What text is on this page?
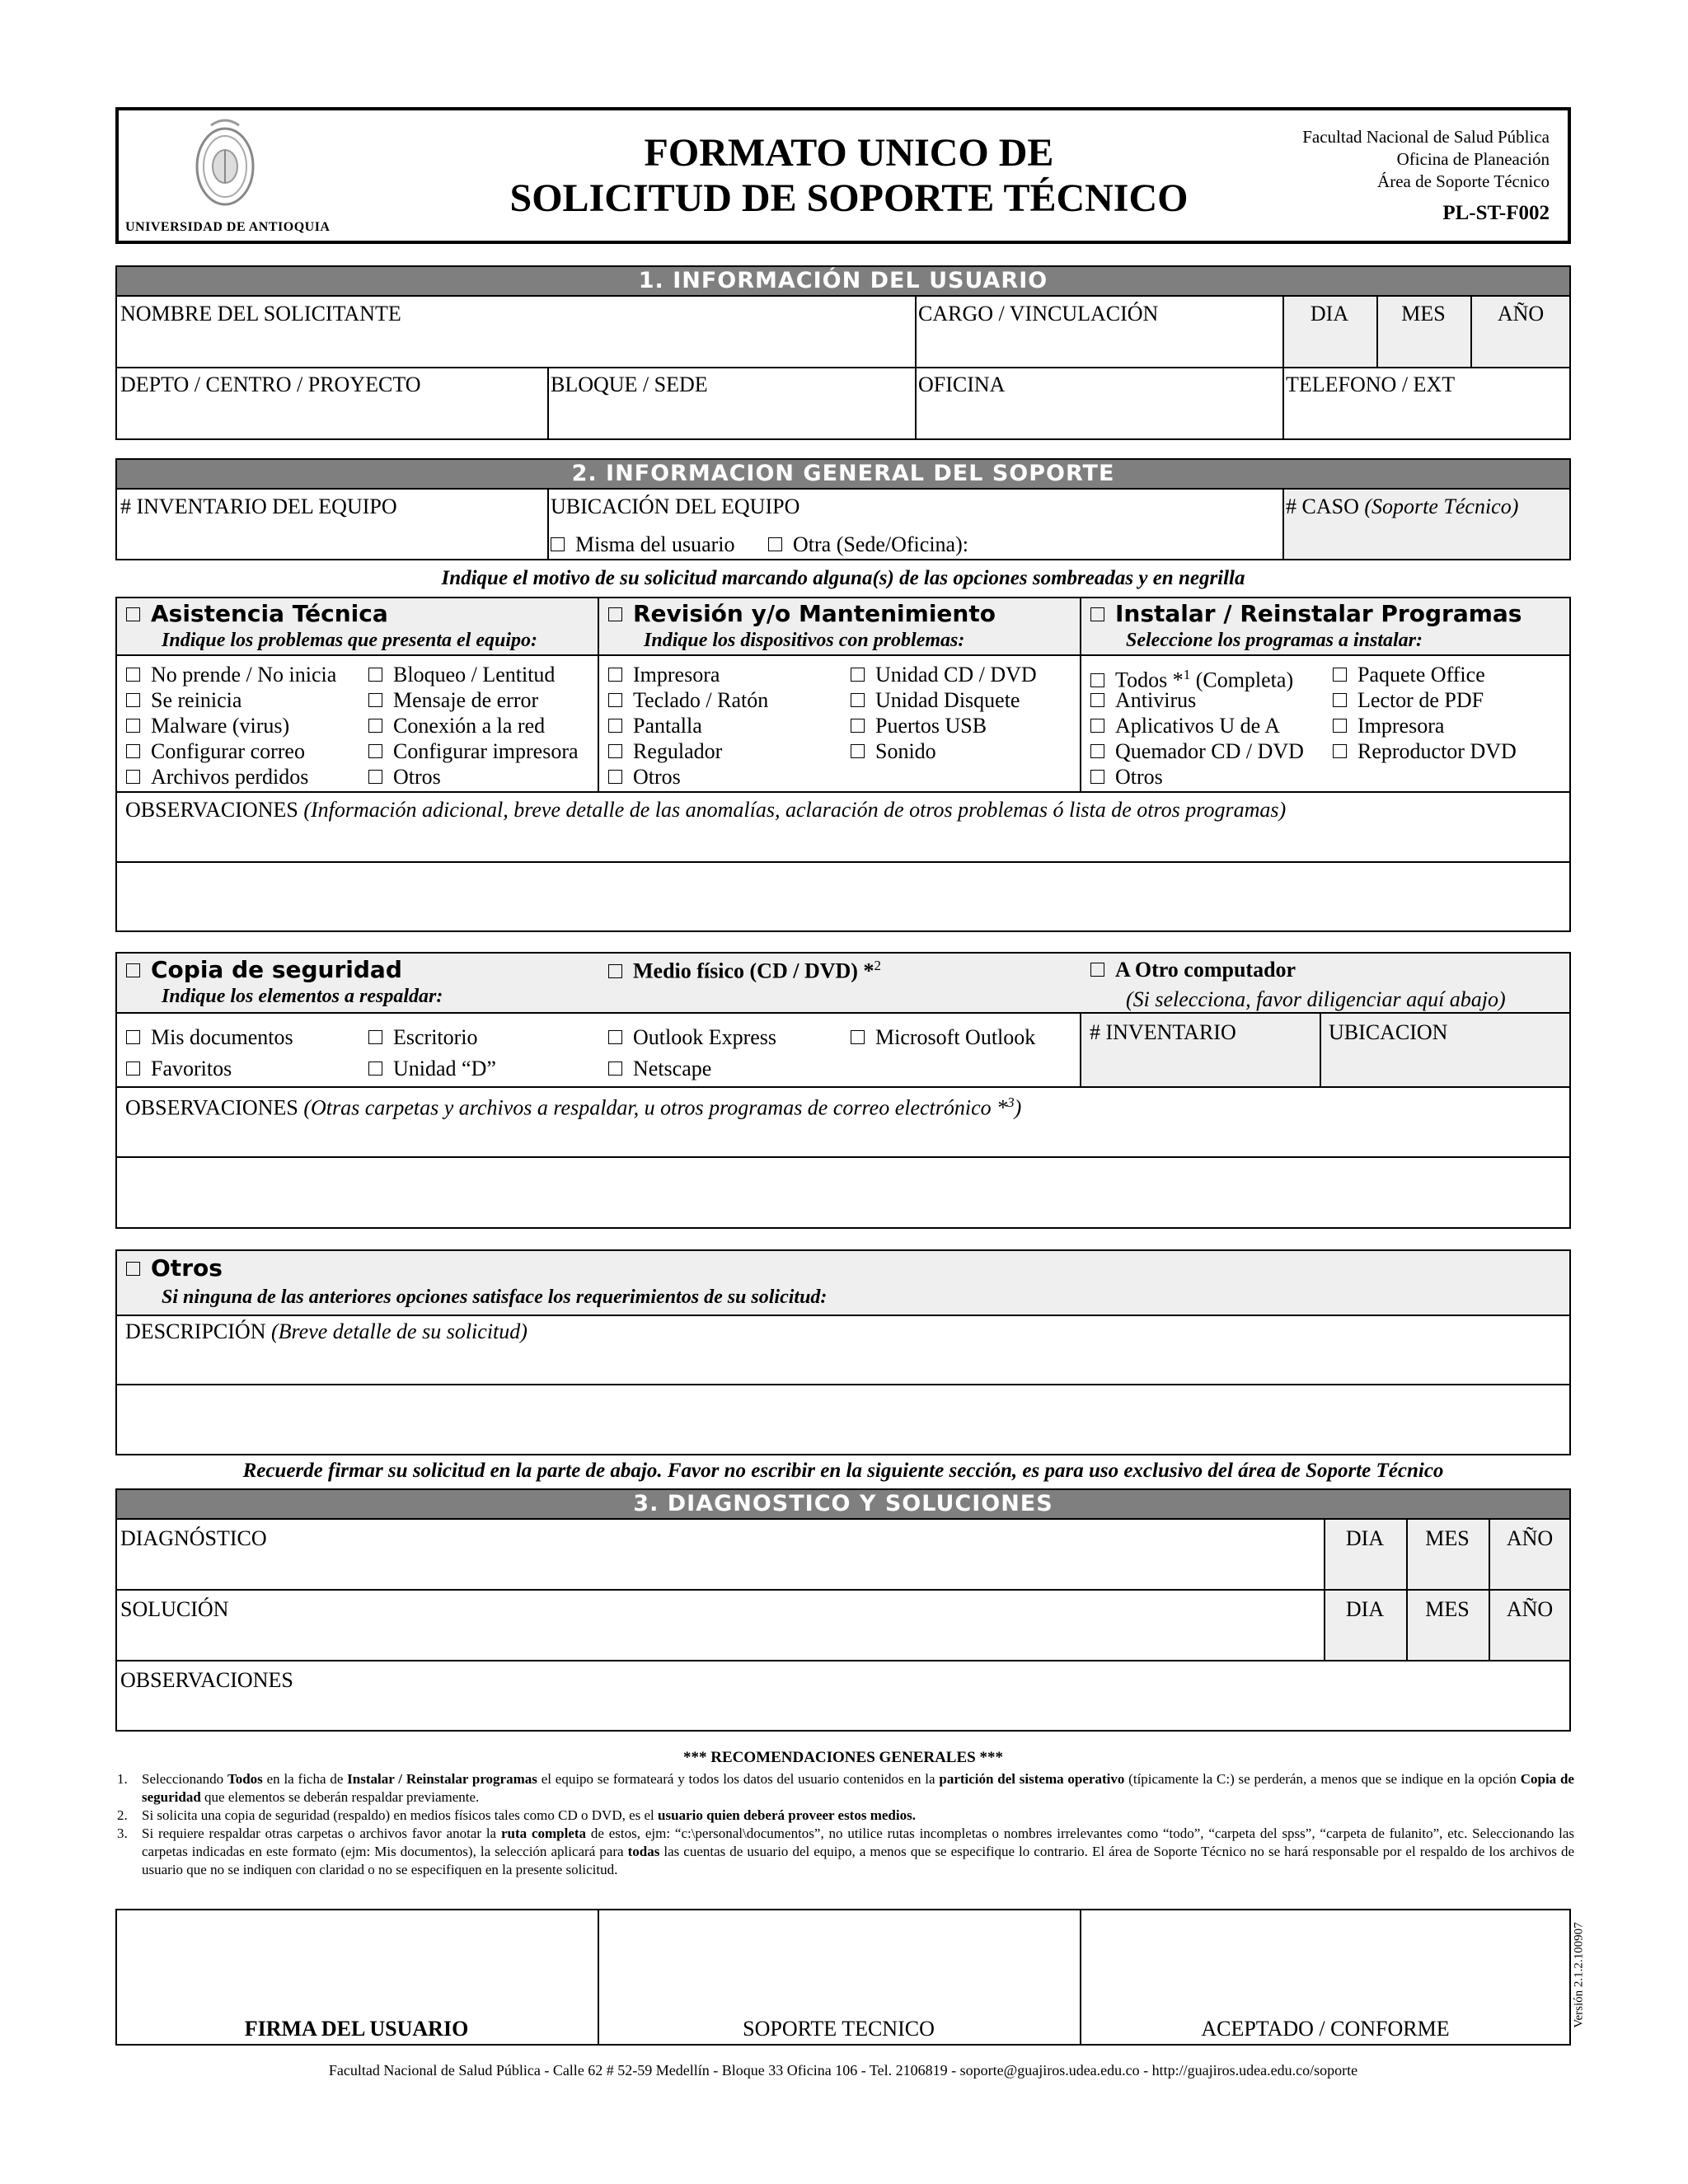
UNIVERSIDAD DE ANTIOQUIA
FORMATO UNICO DE
SOLICITUD DE SOPORTE TÉCNICO
Facultad Nacional de Salud Pública
Oficina de Planeación
Área de Soporte Técnico
PL-ST-F002
1. INFORMACIÓN DEL USUARIO
NOMBRE DEL SOLICITANTE	CARGO / VINCULACIÓN	DIA	MES	AÑO
DEPTO / CENTRO / PROYECTO	BLOQUE / SEDE	OFICINA	TELEFONO / EXT
2. INFORMACION GENERAL DEL SOPORTE
# INVENTARIO DEL EQUIPO	UBICACIÓN DEL EQUIPO
Misma del usuario	Otra (Sede/Oficina):
# CASO (Soporte Técnico)
Indique el motivo de su solicitud marcando alguna(s) de las opciones sombreadas y en negrilla
Asistencia Técnica
Indique los problemas que presenta el equipo:
Revisión y/o Mantenimiento
Indique los dispositivos con problemas:
Instalar / Reinstalar Programas
Seleccione los programas a instalar:
No prende / No inicia
Se reinicia
Malware (virus)
Configurar correo
Archivos perdidos
Bloqueo / Lentitud
Mensaje de error
Conexión a la red
Configurar impresora
Otros
Impresora
Teclado / Ratón
Pantalla
Regulador
Otros
Unidad CD / DVD
Unidad Disquete
Puertos USB
Sonido
Todos *$^1$ (Completa)
Antivirus
Aplicativos U de A
Quemador CD / DVD
Otros
Paquete Office
Lector de PDF
Impresora
Reproductor DVD
OBSERVACIONES (Información adicional, breve detalle de las anomalías, aclaración de otros problemas ó lista de otros programas)
Copia de seguridad
Indique los elementos a respaldar:
Medio físico (CD / DVD) *$^2$	A Otro computador
(Si selecciona, favor diligenciar aquí abajo)
Mis documentos
Favoritos
Escritorio
Unidad “D”
Outlook Express
Netscape
Microsoft Outlook	# INVENTARIO	UBICACION
OBSERVACIONES (Otras carpetas y archivos a respaldar, u otros programas de correo electrónico *$^3$)
Otros
Si ninguna de las anteriores opciones satisface los requerimientos de su solicitud:
DESCRIPCIÓN (Breve detalle de su solicitud)
Recuerde firmar su solicitud en la parte de abajo. Favor no escribir en la siguiente sección, es para uso exclusivo del área de Soporte Técnico
3. DIAGNOSTICO Y SOLUCIONES
DIAGNÓSTICO	DIA	MES	AÑO
SOLUCIÓN	DIA	MES	AÑO
OBSERVACIONES
*** RECOMENDACIONES GENERALES ***
1. Seleccionando Todos en la ficha de Instalar / Reinstalar programas el equipo se formateará y todos los datos del usuario contenidos en la partición del sistema operativo (típicamente la C:) se perderán, a menos que se indique en la opción Copia de seguridad que elementos se deberán respaldar previamente.
2. Si solicita una copia de seguridad (respaldo) en medios físicos tales como CD o DVD, es el usuario quien deberá proveer estos medios.
3. Si requiere respaldar otras carpetas o archivos favor anotar la ruta completa de estos, ejm: “c:\personal\documentos”, no utilice rutas incompletas o nombres irrelevantes como “todo”, “carpeta del spss”, “carpeta de fulanito”, etc. Seleccionando las carpetas indicadas en este formato (ejm: Mis documentos), la selección aplicará para todas las cuentas de usuario del equipo, a menos que se especifique lo contrario. El área de Soporte Técnico no se hará responsable por el respaldo de los archivos de usuario que no se indiquen con claridad o no se especifiquen en la presente solicitud.
FIRMA DEL USUARIO	SOPORTE TECNICO	ACEPTADO / CONFORME
Versión 2.1.2.100907
Facultad Nacional de Salud Pública - Calle 62 # 52-59 Medellín - Bloque 33 Oficina 106 - Tel. 2106819 - soporte@guajiros.udea.edu.co - http://guajiros.udea.edu.co/soporte
